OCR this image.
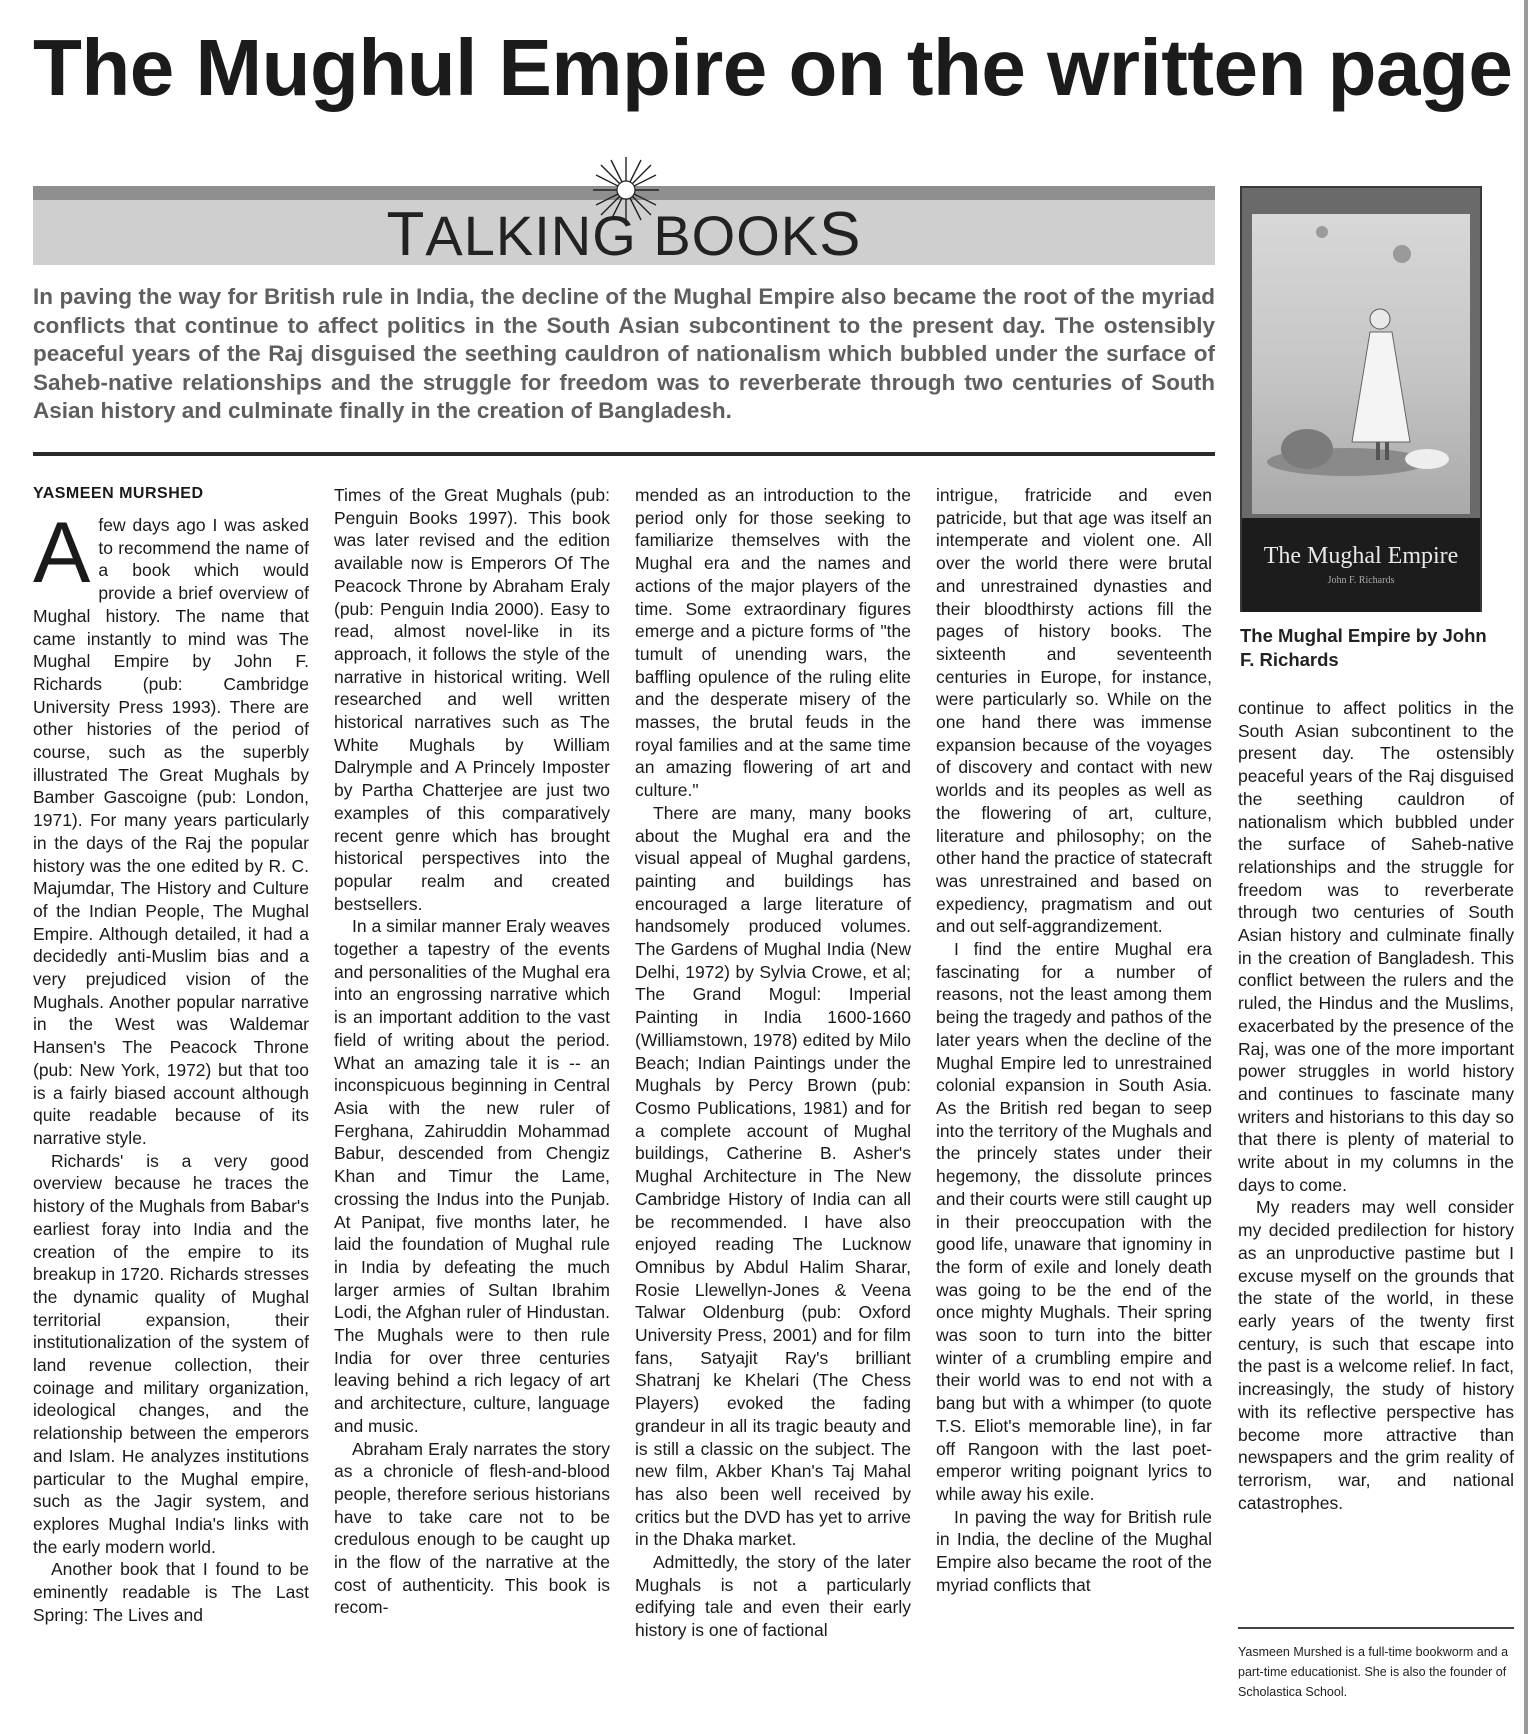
The Mughul Empire on the written page
TALKING BOOKS
In paving the way for British rule in India, the decline of the Mughal Empire also became the root of the myriad conflicts that continue to affect politics in the South Asian subcontinent to the present day. The ostensibly peaceful years of the Raj disguised the seething cauldron of nationalism which bubbled under the surface of Saheb-native relationships and the struggle for freedom was to reverberate through two centuries of South Asian history and culminate finally in the creation of Bangladesh.
The Mughal Empire
John F. Richards
The Mughal Empire by John F. Richards
YASMEEN MURSHED

Afew days ago I was asked to recommend the name of a book which would provide a brief overview of Mughal history. The name that came instantly to mind was The Mughal Empire by John F. Richards (pub: Cambridge University Press 1993). There are other histories of the period of course, such as the superbly illustrated The Great Mughals by Bamber Gascoigne (pub: London, 1971). For many years particularly in the days of the Raj the popular history was the one edited by R. C. Majumdar, The History and Culture of the Indian People, The Mughal Empire. Although detailed, it had a decidedly anti-Muslim bias and a very prejudiced vision of the Mughals. Another popular narrative in the West was Waldemar Hansen's The Peacock Throne (pub: New York, 1972) but that too is a fairly biased account although quite readable because of its narrative style.

Richards' is a very good overview because he traces the history of the Mughals from Babar's earliest foray into India and the creation of the empire to its breakup in 1720. Richards stresses the dynamic quality of Mughal territorial expansion, their institutionalization of the system of land revenue collection, their coinage and military organization, ideological changes, and the relationship between the emperors and Islam. He analyzes institutions particular to the Mughal empire, such as the Jagir system, and explores Mughal India's links with the early modern world.

Another book that I found to be eminently readable is The Last Spring: The Lives and

Times of the Great Mughals (pub: Penguin Books 1997). This book was later revised and the edition available now is Emperors Of The Peacock Throne by Abraham Eraly (pub: Penguin India 2000). Easy to read, almost novel-like in its approach, it follows the style of the narrative in historical writing. Well researched and well written historical narratives such as The White Mughals by William Dalrymple and A Princely Imposter by Partha Chatterjee are just two examples of this comparatively recent genre which has brought historical perspectives into the popular realm and created bestsellers.

In a similar manner Eraly weaves together a tapestry of the events and personalities of the Mughal era into an engrossing narrative which is an important addition to the vast field of writing about the period. What an amazing tale it is -- an inconspicuous beginning in Central Asia with the new ruler of Ferghana, Zahiruddin Mohammad Babur, descended from Chengiz Khan and Timur the Lame, crossing the Indus into the Punjab. At Panipat, five months later, he laid the foundation of Mughal rule in India by defeating the much larger armies of Sultan Ibrahim Lodi, the Afghan ruler of Hindustan. The Mughals were to then rule India for over three centuries leaving behind a rich legacy of art and architecture, culture, language and music.

Abraham Eraly narrates the story as a chronicle of flesh-and-blood people, therefore serious historians have to take care not to be credulous enough to be caught up in the flow of the narrative at the cost of authenticity. This book is recom-

mended as an introduction to the period only for those seeking to familiarize themselves with the Mughal era and the names and actions of the major players of the time. Some extraordinary figures emerge and a picture forms of "the tumult of unending wars, the baffling opulence of the ruling elite and the desperate misery of the masses, the brutal feuds in the royal families and at the same time an amazing flowering of art and culture."

There are many, many books about the Mughal era and the visual appeal of Mughal gardens, painting and buildings has encouraged a large literature of handsomely produced volumes. The Gardens of Mughal India (New Delhi, 1972) by Sylvia Crowe, et al; The Grand Mogul: Imperial Painting in India 1600-1660 (Williamstown, 1978) edited by Milo Beach; Indian Paintings under the Mughals by Percy Brown (pub: Cosmo Publications, 1981) and for a complete account of Mughal buildings, Catherine B. Asher's Mughal Architecture in The New Cambridge History of India can all be recommended. I have also enjoyed reading The Lucknow Omnibus by Abdul Halim Sharar, Rosie Llewellyn-Jones & Veena Talwar Oldenburg (pub: Oxford University Press, 2001) and for film fans, Satyajit Ray's brilliant Shatranj ke Khelari (The Chess Players) evoked the fading grandeur in all its tragic beauty and is still a classic on the subject. The new film, Akber Khan's Taj Mahal has also been well received by critics but the DVD has yet to arrive in the Dhaka market.

Admittedly, the story of the later Mughals is not a particularly edifying tale and even their early history is one of factional

intrigue, fratricide and even patricide, but that age was itself an intemperate and violent one. All over the world there were brutal and unrestrained dynasties and their bloodthirsty actions fill the pages of history books. The sixteenth and seventeenth centuries in Europe, for instance, were particularly so. While on the one hand there was immense expansion because of the voyages of discovery and contact with new worlds and its peoples as well as the flowering of art, culture, literature and philosophy; on the other hand the practice of statecraft was unrestrained and based on expediency, pragmatism and out and out self-aggrandizement.

I find the entire Mughal era fascinating for a number of reasons, not the least among them being the tragedy and pathos of the later years when the decline of the Mughal Empire led to unrestrained colonial expansion in South Asia. As the British red began to seep into the territory of the Mughals and the princely states under their hegemony, the dissolute princes and their courts were still caught up in their preoccupation with the good life, unaware that ignominy in the form of exile and lonely death was going to be the end of the once mighty Mughals. Their spring was soon to turn into the bitter winter of a crumbling empire and their world was to end not with a bang but with a whimper (to quote T.S. Eliot's memorable line), in far off Rangoon with the last poet-emperor writing poignant lyrics to while away his exile.

In paving the way for British rule in India, the decline of the Mughal Empire also became the root of the myriad conflicts that

continue to affect politics in the South Asian subcontinent to the present day. The ostensibly peaceful years of the Raj disguised the seething cauldron of nationalism which bubbled under the surface of Saheb-native relationships and the struggle for freedom was to reverberate through two centuries of South Asian history and culminate finally in the creation of Bangladesh. This conflict between the rulers and the ruled, the Hindus and the Muslims, exacerbated by the presence of the Raj, was one of the more important power struggles in world history and continues to fascinate many writers and historians to this day so that there is plenty of material to write about in my columns in the days to come.

My readers may well consider my decided predilection for history as an unproductive pastime but I excuse myself on the grounds that the state of the world, in these early years of the twenty first century, is such that escape into the past is a welcome relief. In fact, increasingly, the study of history with its reflective perspective has become more attractive than newspapers and the grim reality of terrorism, war, and national catastrophes.

Yasmeen Murshed is a full-time bookworm and a part-time educationist. She is also the founder of Scholastica School.
